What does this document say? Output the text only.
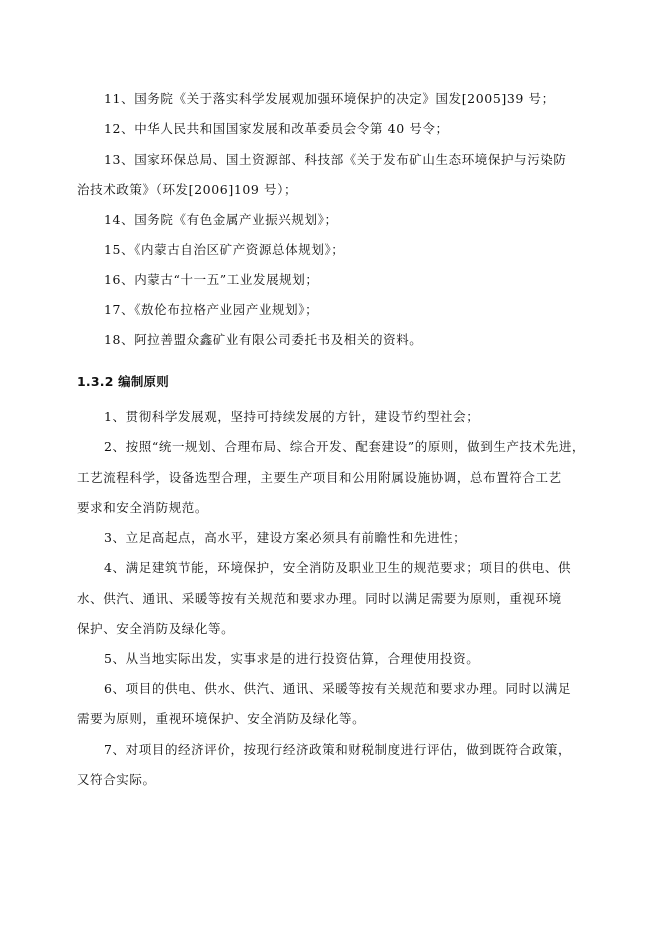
11、国务院《关于落实科学发展观加强环境保护的决定》国发[2005]39 号；
12、中华人民共和国国家发展和改革委员会令第 40 号令；
13、国家环保总局、国土资源部、科技部《关于发布矿山生态环境保护与污染防
治技术政策》（环发[2006]109 号）；
14、国务院《有色金属产业振兴规划》；
15、《内蒙古自治区矿产资源总体规划》；
16、内蒙古“十一五”工业发展规划；
17、《敖伦布拉格产业园产业规划》；
18、阿拉善盟众鑫矿业有限公司委托书及相关的资料。
1.3.2 编制原则
1、贯彻科学发展观，坚持可持续发展的方针，建设节约型社会；
2、按照“统一规划、合理布局、综合开发、配套建设”的原则，做到生产技术先进，
工艺流程科学，设备选型合理，主要生产项目和公用附属设施协调，总布置符合工艺
要求和安全消防规范。
3、立足高起点，高水平，建设方案必须具有前瞻性和先进性；
4、满足建筑节能，环境保护，安全消防及职业卫生的规范要求；项目的供电、供
水、供汽、通讯、采暖等按有关规范和要求办理。同时以满足需要为原则，重视环境
保护、安全消防及绿化等。
5、从当地实际出发，实事求是的进行投资估算，合理使用投资。
6、项目的供电、供水、供汽、通讯、采暖等按有关规范和要求办理。同时以满足
需要为原则，重视环境保护、安全消防及绿化等。
7、对项目的经济评价，按现行经济政策和财税制度进行评估，做到既符合政策，
又符合实际。
